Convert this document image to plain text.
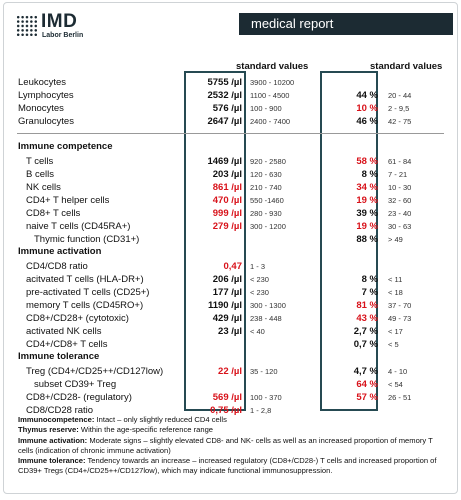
IMD
Labor Berlin
medical report
standard values	standard values
Leukocytes	5755 /µl 3900 - 10200
Lymphocytes	2532 /µl 1100 - 4500	44 % 20 - 44
Monocytes	576 /µl 100 - 900	10 % 2 - 9,5
Granulocytes	2647 /µl 2400 - 7400	46 % 42 - 75
Immune competence
T cells	1469 /µl 920 - 2580	58 % 61 - 84
B cells	203 /µl 120 - 630	8 % 7 - 21
NK cells	861 /µl 210 - 740	34 % 10 - 30
CD4+ T helper cells	470 /µl 550 -1460	19 % 32 - 60
CD8+ T cells	999 /µl 280 - 930	39 % 23 - 40
naive T cells (CD45RA+)	279 /µl 300 - 1200	19 % 30 - 63
Thymic function (CD31+)	88 % > 49
Immune activation
CD4/CD8 ratio	0,47 1 - 3
acitvated T cells (HLA-DR+)	206 /µl < 230	8 % < 11
pre-activated T cells (CD25+)	177 /µl < 230	7 % < 18
memory T cells (CD45RO+)	1190 /µl 300 - 1300	81 % 37 - 70
CD8+/CD28+ (cytotoxic)	429 /µl 238 - 448	43 % 49 - 73
activated NK cells	23 /µl < 40	2,7 % < 17
CD4+/CD8+ T cells	0,7 % < 5
Immune tolerance
Treg (CD4+/CD25++/CD127low)	22 /µl 35 - 120	4,7 % 4 - 10
subset CD39+ Treg	64 % < 54
CD8+/CD28- (regulatory)	569 /µl 100 - 370	57 % 26 - 51
CD8/CD28 ratio	0,75 /µl 1 - 2,8

Immunocompetence: Intact – only slightly reduced CD4 cells

Thymus reserve: Within the age-specific reference range

Immune activation: Moderate signs – slightly elevated CD8- and NK- cells as well as an increased proportion of memory T cells (indication of chronic immune activation)

Immune tolerance: Tendency towards an increase – increased regulatory (CD8+/CD28-) T cells and increased proportion of CD39+ Tregs (CD4+/CD25++/CD127low), which may indicate functional immunosuppression.
